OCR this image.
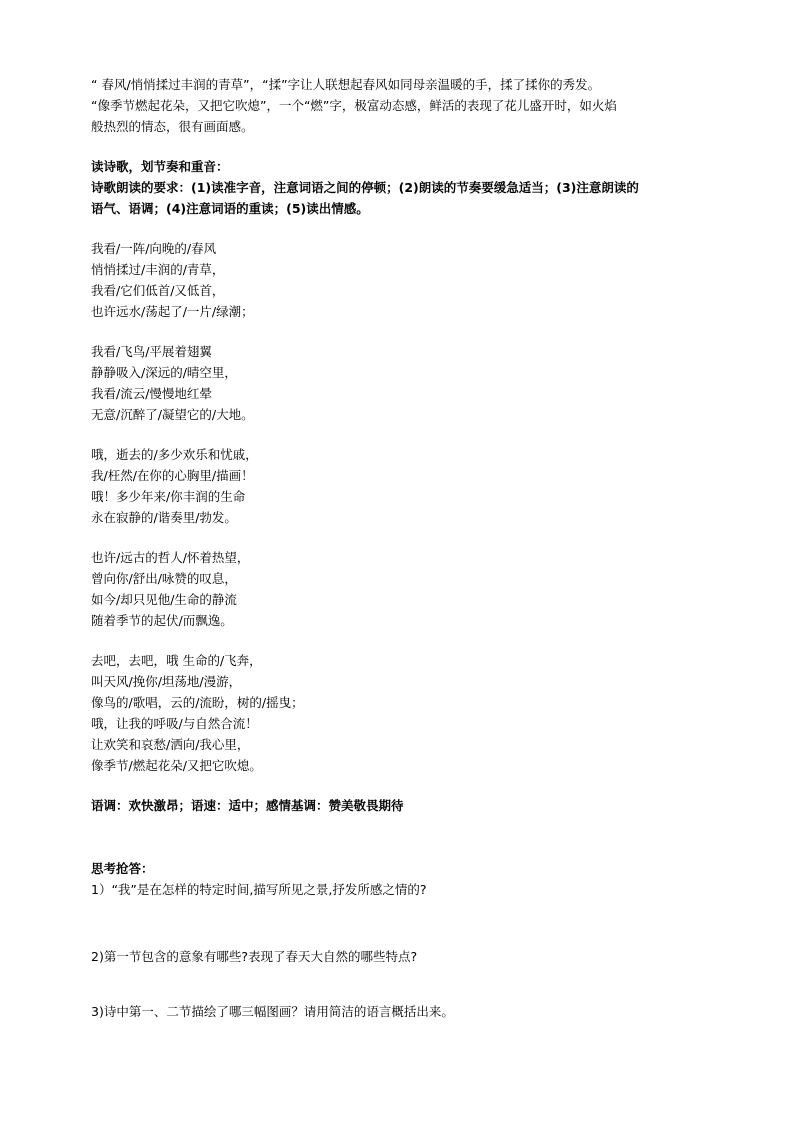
“ 春风/悄悄揉过丰润的青草”，“揉”字让人联想起春风如同母亲温暖的手，揉了揉你的秀发。

“像季节燃起花朵，又把它吹熄”，一个“燃”字，极富动态感，鲜活的表现了花儿盛开时，如火焰

般热烈的情态，很有画面感。

读诗歌，划节奏和重音：

诗歌朗读的要求：(1)读准字音，注意词语之间的停顿；(2)朗读的节奏要缓急适当；(3)注意朗读的

语气、语调；(4)注意词语的重读；(5)读出情感。

我看/一阵/向晚的/春风

悄悄揉过/丰润的/青草，

我看/它们低首/又低首，

也许远水/荡起了/一片/绿潮；

我看/飞鸟/平展着翅翼

静静吸入/深远的/晴空里，

我看/流云/慢慢地红晕

无意/沉醉了/凝望它的/大地。

哦，逝去的/多少欢乐和忧戚，

我/枉然/在你的心胸里/描画！

哦！多少年来/你丰润的生命

永在寂静的/谐奏里/勃发。

也许/远古的哲人/怀着热望，

曾向你/舒出/咏赞的叹息，

如今/却只见他/生命的静流

随着季节的起伏/而飘逸。

去吧，去吧，哦 生命的/飞奔，

叫天风/挽你/坦荡地/漫游，

像鸟的/歌唱，云的/流盼，树的/摇曳；

哦，让我的呼吸/与自然合流！

让欢笑和哀愁/洒向/我心里，

像季节/燃起花朵/又把它吹熄。

语调：欢快激昂；语速：适中；感情基调：赞美敬畏期待

思考抢答：

1）“我”是在怎样的特定时间,描写所见之景,抒发所感之情的?

2)第一节包含的意象有哪些?表现了春天大自然的哪些特点?

3)诗中第一、二节描绘了哪三幅图画？请用简洁的语言概括出来。
